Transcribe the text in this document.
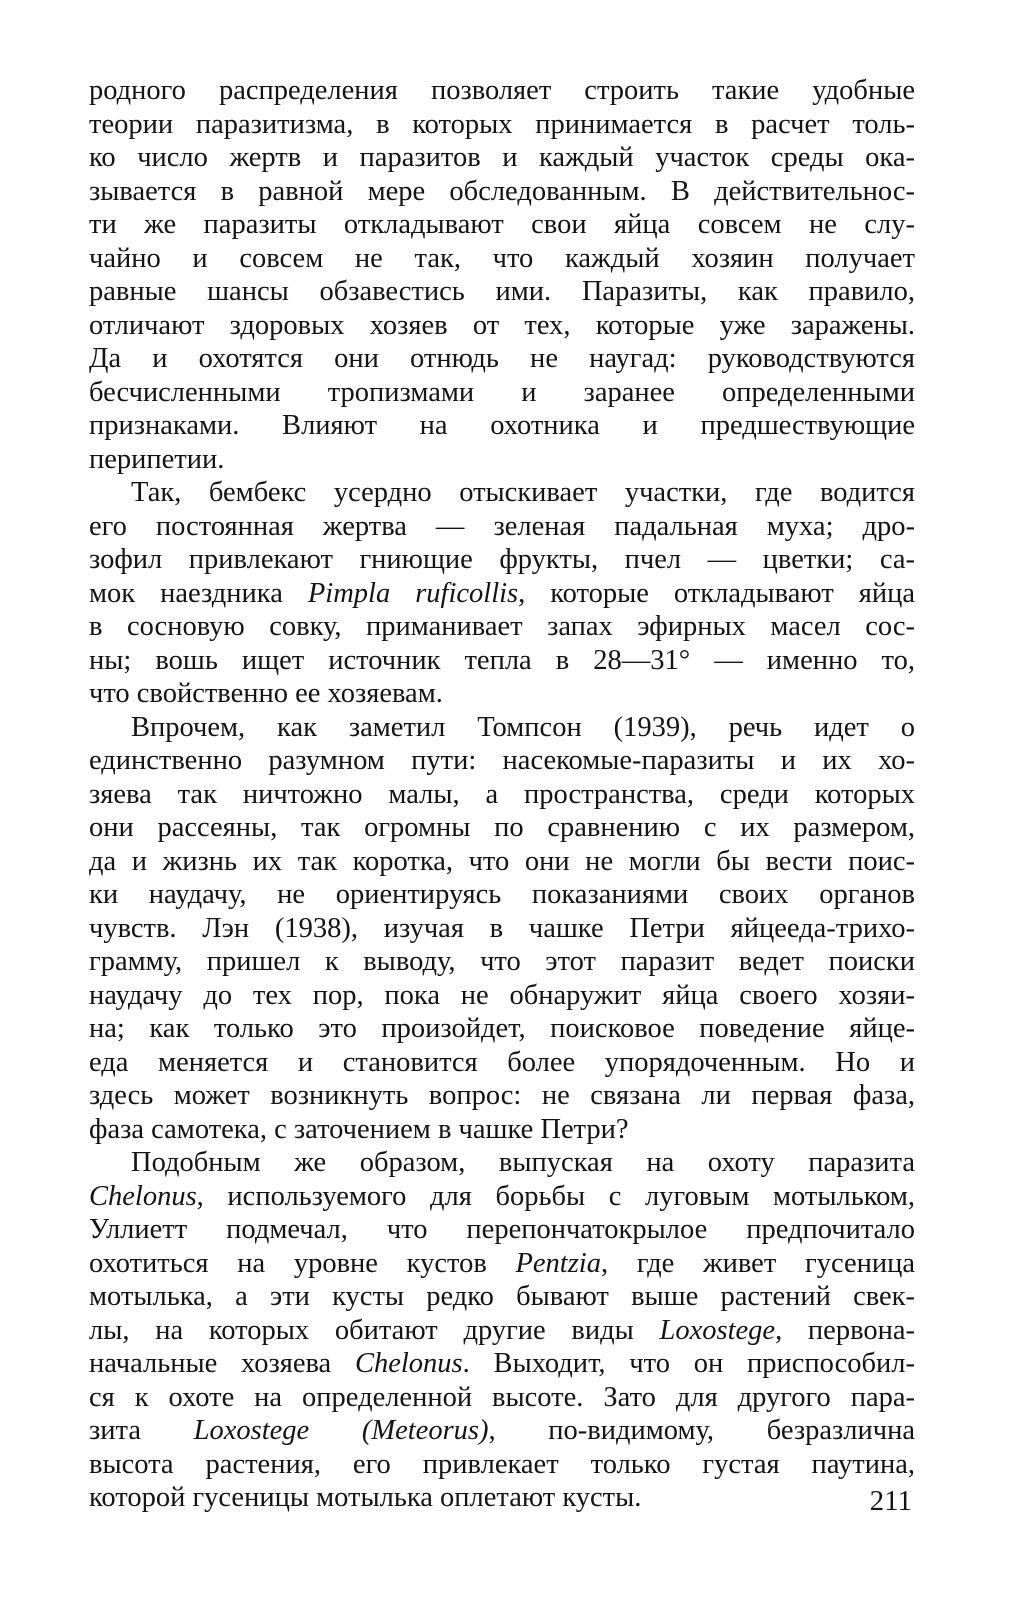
родного распределения позволяет строить такие удобные
теории паразитизма, в которых принимается в расчет толь-
ко число жертв и паразитов и каждый участок среды ока-
зывается в равной мере обследованным. В действительнос-
ти же паразиты откладывают свои яйца совсем не слу-
чайно и совсем не так, что каждый хозяин получает
равные шансы обзавестись ими. Паразиты, как правило,
отличают здоровых хозяев от тех, которые уже заражены.
Да и охотятся они отнюдь не наугад: руководствуются
бесчисленными тропизмами и заранее определенными
признаками. Влияют на охотника и предшествующие
перипетии.
Так, бембекс усердно отыскивает участки, где водится
его постоянная жертва — зеленая падальная муха; дро-
зофил привлекают гниющие фрукты, пчел — цветки; са-
мок наездника Pimpla ruficollis, которые откладывают яйца
в сосновую совку, приманивает запах эфирных масел сос-
ны; вошь ищет источник тепла в 28—31° — именно то,
что свойственно ее хозяевам.
Впрочем, как заметил Томпсон (1939), речь идет о
единственно разумном пути: насекомые-паразиты и их хо-
зяева так ничтожно малы, а пространства, среди которых
они рассеяны, так огромны по сравнению с их размером,
да и жизнь их так коротка, что они не могли бы вести поис-
ки наудачу, не ориентируясь показаниями своих органов
чувств. Лэн (1938), изучая в чашке Петри яйцееда-трихо-
грамму, пришел к выводу, что этот паразит ведет поиски
наудачу до тех пор, пока не обнаружит яйца своего хозяи-
на; как только это произойдет, поисковое поведение яйце-
еда меняется и становится более упорядоченным. Но и
здесь может возникнуть вопрос: не связана ли первая фаза,
фаза самотека, с заточением в чашке Петри?
Подобным же образом, выпуская на охоту паразита
Chelonus, используемого для борьбы с луговым мотыльком,
Уллиетт подмечал, что перепончатокрылое предпочитало
охотиться на уровне кустов Pentzia, где живет гусеница
мотылька, а эти кусты редко бывают выше растений свек-
лы, на которых обитают другие виды Loxostege, первона-
начальные хозяева Chelonus. Выходит, что он приспособил-
ся к охоте на определенной высоте. Зато для другого пара-
зита Loxostege (Meteorus), по-видимому, безразлична
высота растения, его привлекает только густая паутина,
которой гусеницы мотылька оплетают кусты.	211
